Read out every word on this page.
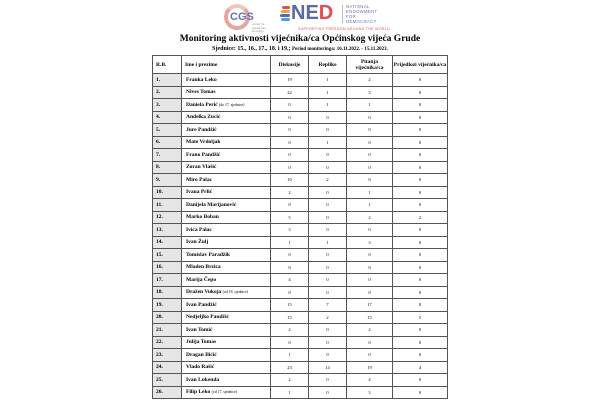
CGS
centar za građansku suradnju
NED	NATIONAL
ENDOWMENT
FOR
DEMOCRACY
SUPPORTING FREEDOM AROUND THE WORLD
Monitoring aktivnosti vijećnika/ca Općinskog vijeća Grude
Sjednice: 15., 16., 17., 18. i 19.; Period monitoringa: 16.11.2022. - 15.11.2023.
R.B.	Ime i prezime	Diskusije	Replike	Pitanja vijećnika/ca	Prijedlozi vijećnika/ca
1.	Franka Leko	19	1	2	0
2.	Nives Tomas	22	1	3	0
3.	Daniela Perić (do 17. sjednice)	0	1	1	0
4.	Anđelka Zucić	0	0	0	0
5.	Jure Pandžić	0	0	0	0
6.	Mate Vrdoljak	0	1	0	0
7.	Frano Pandžić	0	0	0	0
8.	Zoran Vlašić	0	0	0	0
9.	Miro Palac	10	2	0	0
10.	Ivana Prlić	2	0	1	0
11.	Danijela Marijanović	0	0	1	0
12.	Marko Boban	5	0	2	2
13.	Ivica Palac	3	0	0	0
14.	Ivan Žulj	1	1	3	0
15.	Tomislav Paradžik	0	0	0	0
16.	Mladen Brzica	0	0	0	0
17.	Marija Čepo	4	0	0	0
18.	Dražen Vukoja (od 18. sjednice)	0	0	0	0
19.	Ivan Pandžić	15	7	17	8
20.	Nedjeljko Pandžić	15	2	15	5
21.	Ivan Tomić	2	0	2	0
22.	Julija Tomas	0	0	0	0
23.	Dragan Ilićić	1	0	0	0
24.	Vlado Rašić	23	14	19	4
25.	Ivan Lukenda	2	0	4	0
26.	Filip Leko (od 17. sjednice)	1	0	3	0
